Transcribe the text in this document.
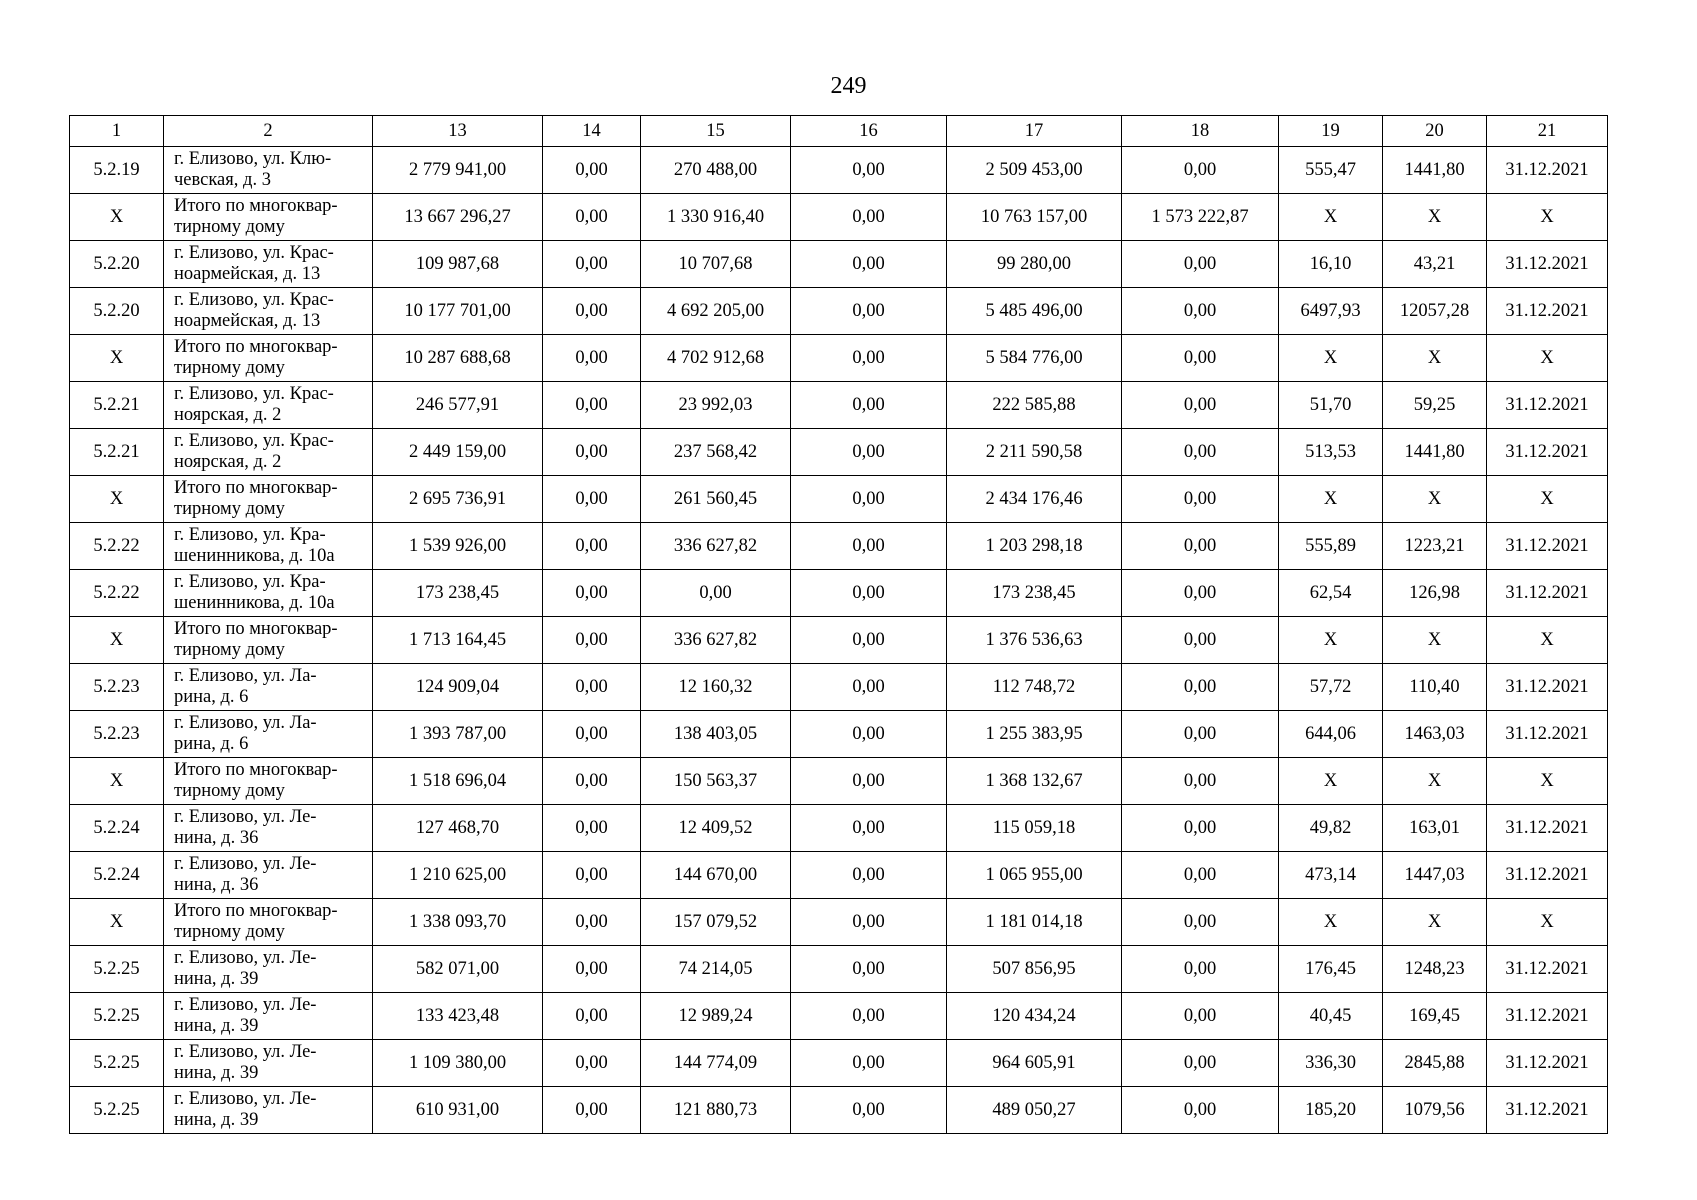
249
1	2	13	14	15	16	17	18	19	20	21
5.2.19	г. Елизово, ул. Клю-
чевская, д. 3	2 779 941,00	0,00	270 488,00	0,00	2 509 453,00	0,00	555,47	1441,80	31.12.2021
Х	Итого по многоквар-
тирному дому	13 667 296,27	0,00	1 330 916,40	0,00	10 763 157,00	1 573 222,87	Х	Х	Х
5.2.20	г. Елизово, ул. Крас-
ноармейская, д. 13	109 987,68	0,00	10 707,68	0,00	99 280,00	0,00	16,10	43,21	31.12.2021
5.2.20	г. Елизово, ул. Крас-
ноармейская, д. 13	10 177 701,00	0,00	4 692 205,00	0,00	5 485 496,00	0,00	6497,93	12057,28	31.12.2021
Х	Итого по многоквар-
тирному дому	10 287 688,68	0,00	4 702 912,68	0,00	5 584 776,00	0,00	Х	Х	Х
5.2.21	г. Елизово, ул. Крас-
ноярская, д. 2	246 577,91	0,00	23 992,03	0,00	222 585,88	0,00	51,70	59,25	31.12.2021
5.2.21	г. Елизово, ул. Крас-
ноярская, д. 2	2 449 159,00	0,00	237 568,42	0,00	2 211 590,58	0,00	513,53	1441,80	31.12.2021
Х	Итого по многоквар-
тирному дому	2 695 736,91	0,00	261 560,45	0,00	2 434 176,46	0,00	Х	Х	Х
5.2.22	г. Елизово, ул. Кра-
шенинникова, д. 10а	1 539 926,00	0,00	336 627,82	0,00	1 203 298,18	0,00	555,89	1223,21	31.12.2021
5.2.22	г. Елизово, ул. Кра-
шенинникова, д. 10а	173 238,45	0,00	0,00	0,00	173 238,45	0,00	62,54	126,98	31.12.2021
Х	Итого по многоквар-
тирному дому	1 713 164,45	0,00	336 627,82	0,00	1 376 536,63	0,00	Х	Х	Х
5.2.23	г. Елизово, ул. Ла-
рина, д. 6	124 909,04	0,00	12 160,32	0,00	112 748,72	0,00	57,72	110,40	31.12.2021
5.2.23	г. Елизово, ул. Ла-
рина, д. 6	1 393 787,00	0,00	138 403,05	0,00	1 255 383,95	0,00	644,06	1463,03	31.12.2021
Х	Итого по многоквар-
тирному дому	1 518 696,04	0,00	150 563,37	0,00	1 368 132,67	0,00	Х	Х	Х
5.2.24	г. Елизово, ул. Ле-
нина, д. 36	127 468,70	0,00	12 409,52	0,00	115 059,18	0,00	49,82	163,01	31.12.2021
5.2.24	г. Елизово, ул. Ле-
нина, д. 36	1 210 625,00	0,00	144 670,00	0,00	1 065 955,00	0,00	473,14	1447,03	31.12.2021
Х	Итого по многоквар-
тирному дому	1 338 093,70	0,00	157 079,52	0,00	1 181 014,18	0,00	Х	Х	Х
5.2.25	г. Елизово, ул. Ле-
нина, д. 39	582 071,00	0,00	74 214,05	0,00	507 856,95	0,00	176,45	1248,23	31.12.2021
5.2.25	г. Елизово, ул. Ле-
нина, д. 39	133 423,48	0,00	12 989,24	0,00	120 434,24	0,00	40,45	169,45	31.12.2021
5.2.25	г. Елизово, ул. Ле-
нина, д. 39	1 109 380,00	0,00	144 774,09	0,00	964 605,91	0,00	336,30	2845,88	31.12.2021
5.2.25	г. Елизово, ул. Ле-
нина, д. 39	610 931,00	0,00	121 880,73	0,00	489 050,27	0,00	185,20	1079,56	31.12.2021
